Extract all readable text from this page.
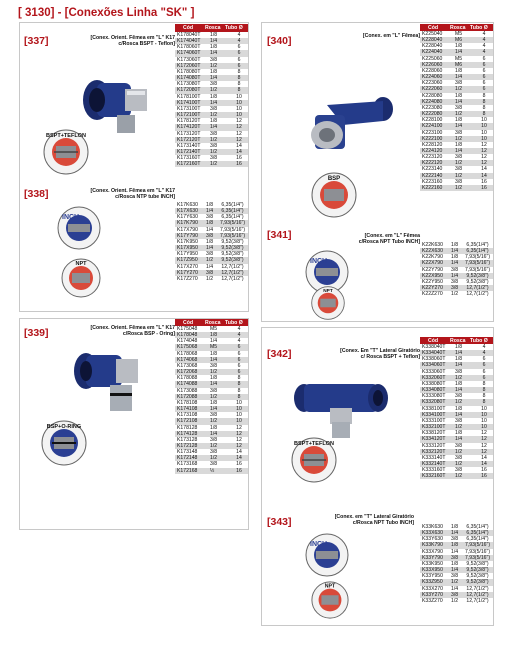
[ 3130] - [Conexões Linha "SK" ]
[337]	[Conex. Orient. Fêmea em "L" K17
c/Rosca BSPT - Teflon]
Cód	Rosca Tubo Ø
K178040T	1/8	4
K174040T	1/4	4
K178060T	1/8	6
K174060T	1/4	6
K173060T	3/8	6
K172060T	1/2	6
K178080T	1/8	8
K174080T	1/4	8
K173080T	3/8	8
K172080T	1/2	8
K178100T	1/8	10
K174100T	1/4	10
K173100T	3/8	10
K172100T	1/2	10
K178120T	1/8	12
K174120T	1/4	12
K173120T	3/8	12
K172120T	1/2	12
K173140T	3/8	14
K172140T	1/2	14
K173160T	3/8	16
K172160T	1/2	16
BSPT+TEFLON
[338]	[Conex. Orient. Fêmea em "L" K17
c/Rosca NTP tube INCH]
K17K630	1/8	6,35(1/4")
K17X630	1/4	6,35(1/4")
K17Y630	3/8	6,35(1/4")
K17K790	1/8	7,93(5/16")
K17X790	1/4	7,93(5/16")
K17Y790	3/8	7,93(5/16")
K17K950	1/8	9,52(3/8")
K17X950	1/4	9,52(3/8")
K17Y950	3/8	9,52(3/8")
K17Z950	1/2	9,52(3/8")
K17X270	1/4	12,7(1/2")
K17Y270	3/8	12,7(1/2")
K17Z270	1/2	12,7(1/2")
INCH
NPT
[339]	[Conex. Orient. Fêmea em "L" K17
c/Rosca BSP - Oring]
Cód	Rosca Tubo Ø
K175048	M5	4
K178048	1/8	4
K174048	1/4	4
K175068	M5	6
K178068	1/8	6
K174068	1/4	6
K173068	3/8	6
K172068	1/2	6
K178088	1/8	8
K174088	1/4	8
K173088	3/8	8
K172088	1/2	8
K178108	1/8	10
K174108	1/4	10
K173108	3/8	10
K172108	1/2	10
K178128	1/8	12
K174128	1/4	12
K173128	3/8	12
K172128	1/2	12
K173148	3/8	14
K172148	1/2	14
K173168	3/8	16
K172168	½	16
BSP+O-RING
[340]	[Conex. em "L" Fêmea]
Cód	Rosca Tubo Ø
K225040	M5	4
K228040	M6	4
K228040	1/8	4
K224040	1/4	4
K225060	M5	6
K226060	M6	6
K228060	1/8	6
K224060	1/4	6
K223060	3/8	6
K222060	1/2	6
K228080	1/8	8
K224080	1/4	8
K223080	3/8	8
K222080	1/2	8
K228100	1/8	10
K224100	1/4	10
K223100	3/8	10
K222100	1/2	10
K228120	1/8	12
K224120	1/4	12
K223120	3/8	12
K222120	1/2	12
K223140	3/8	14
K222140	1/2	14
K223160	3/8	16
K222160	1/2	16
BSP
[341]	[Conex. em "L" Fêmea
c/Rosca NPT Tubo INCH] K22K630	1/8	6,35(1/4")
K22X630	1/4	6,35(1/4")
K22K790	1/8	7,93(5/16")
K22X790	1/4	7,93(5/16")
K22Y790	3/8	7,93(5/16")
K22X950	1/4	9,52(3/8")
K22Y950	3/8	9,52(3/8")
K22Y270	3/8	12,7(1/2")
K22Z270	1/2	12,7(1/2")
INCH
NPT
[342]	[Conex. Em "T" Lateral Giratório
c/ Rosca BSPT + Teflon]
Cód	Rosca Tubo Ø
K338040T	1/8	4
K334040T	1/4	4
K338060T	1/8	6
K334060T	1/4	6
K333060T	3/8	6
K332060T	1/2	6
K338080T	1/8	8
K334080T	1/4	8
K333080T	3/8	8
K332080T	1/2	8
K338100T	1/8	10
K334100T	1/4	10
K333100T	3/8	10
K332100T	1/2	10
K338120T	1/8	12
K334120T	1/4	12
K333120T	3/8	12
K332120T	1/2	12
K333140T	3/8	14
K332140T	1/2	14
K333160T	3/8	16
K332160T	1/2	16
BSPT+TEFLON
[343]	[Conex. em "T" Lateral Giratório
c/Rosca NPT Tubo INCH]
K33K630	1/8	6,35(1/4")
K33X630	1/4	6,35(1/4")
K33Y630	3/8	6,35(1/4")
K33K790	1/8	7,93(5/16")
K33X790	1/4	7,93(5/16")
K33Y790	3/8	7,93(5/16")
K33K950	1/8	9,52(3/8")
K33X950	1/4	9,52(3/8")
K33Y950	3/8	9,52(3/8")
K33Z950	1/2	9,52(3/8")
K33X270	1/4	12,7(1/2")
K33Y270	3/8	12,7(1/2")
K33Z270	1/2	12,7(1/2")
INCH
NPT
